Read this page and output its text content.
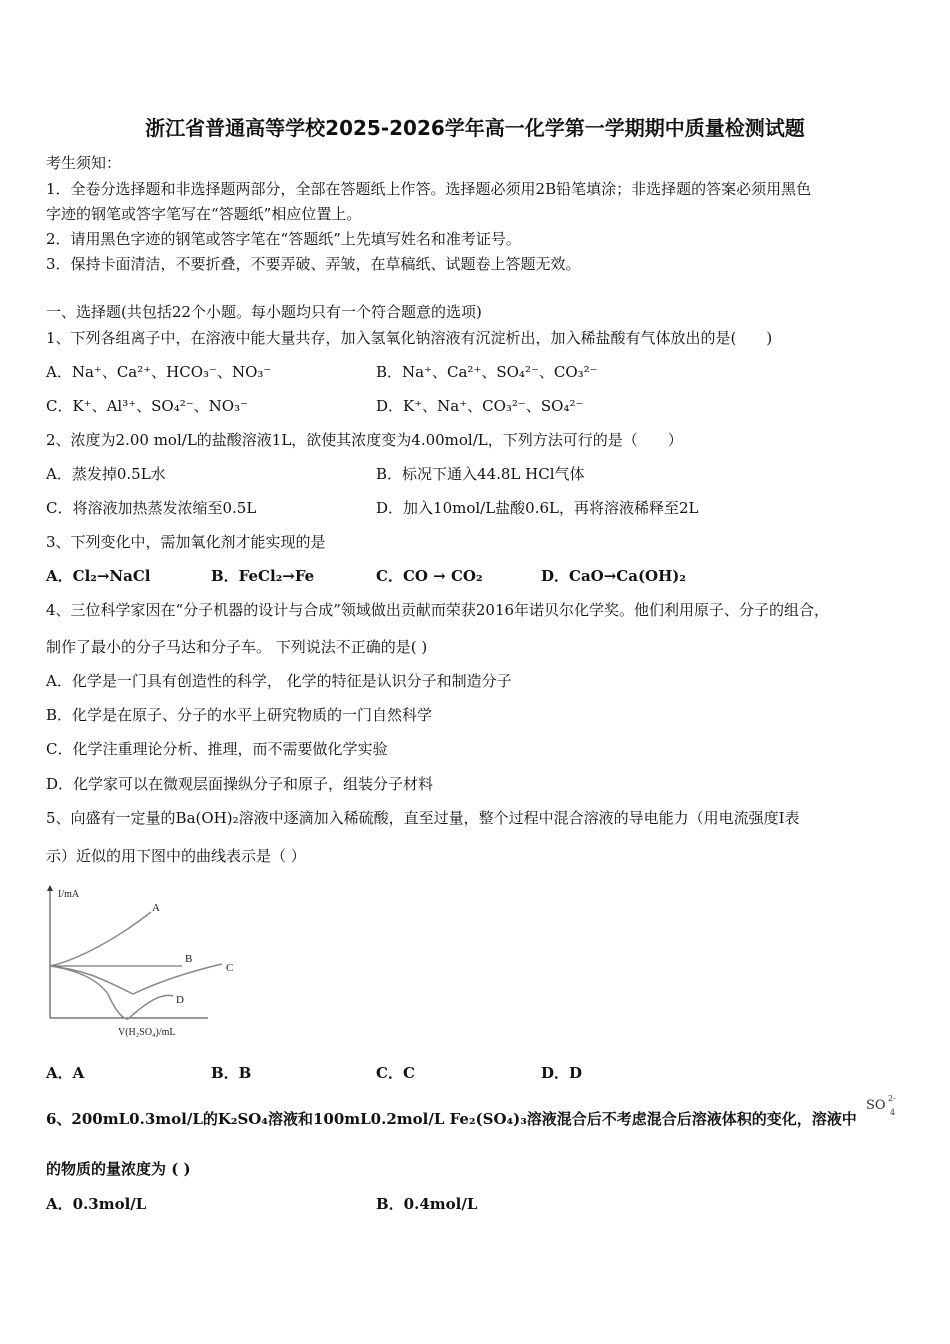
浙江省普通高等学校2025-2026学年高一化学第一学期期中质量检测试题
考生须知：
1．全卷分选择题和非选择题两部分，全部在答题纸上作答。选择题必须用2B铅笔填涂；非选择题的答案必须用黑色
字迹的钢笔或答字笔写在“答题纸”相应位置上。
2．请用黑色字迹的钢笔或答字笔在“答题纸”上先填写姓名和准考证号。
3．保持卡面清洁，不要折叠，不要弄破、弄皱，在草稿纸、试题卷上答题无效。
一、选择题(共包括22个小题。每小题均只有一个符合题意的选项)
1、下列各组离子中，在溶液中能大量共存，加入氢氧化钠溶液有沉淀析出，加入稀盐酸有气体放出的是(　　)
A．Na⁺、Ca²⁺、HCO₃⁻、NO₃⁻	B．Na⁺、Ca²⁺、SO₄²⁻、CO₃²⁻
C．K⁺、Al³⁺、SO₄²⁻、NO₃⁻	D．K⁺、Na⁺、CO₃²⁻、SO₄²⁻
2、浓度为2.00 mol/L的盐酸溶液1L，欲使其浓度变为4.00mol/L，下列方法可行的是（　　）
A．蒸发掉0.5L水	B．标况下通入44.8L HCl气体
C．将溶液加热蒸发浓缩至0.5L	D．加入10mol/L盐酸0.6L，再将溶液稀释至2L
3、下列变化中，需加氧化剂才能实现的是
A．Cl₂→NaCl	B．FeCl₂→Fe	C．CO → CO₂	D．CaO→Ca(OH)₂
4、三位科学家因在“分子机器的设计与合成”领域做出贡献而荣获2016年诺贝尔化学奖。他们利用原子、分子的组合，
制作了最小的分子马达和分子车。 下列说法不正确的是( )
A．化学是一门具有创造性的科学， 化学的特征是认识分子和制造分子
B．化学是在原子、分子的水平上研究物质的一门自然科学
C．化学注重理论分析、推理，而不需要做化学实验
D．化学家可以在微观层面操纵分子和原子，组装分子材料
5、向盛有一定量的Ba(OH)₂溶液中逐滴加入稀硫酸，直至过量，整个过程中混合溶液的导电能力（用电流强度I表
示）近似的用下图中的曲线表示是（ ）
I/mA
V(H₂SO₄)/mL
A
B
C
D
A．A	B．B	C．C	D．D
6、200mL0.3mol/L的K₂SO₄溶液和100mL0.2mol/L Fe₂(SO₄)₃溶液混合后不考虑混合后溶液体积的变化，溶液中
SO 2-
4
的物质的量浓度为 ( )
A．0.3mol/L	B．0.4mol/L
